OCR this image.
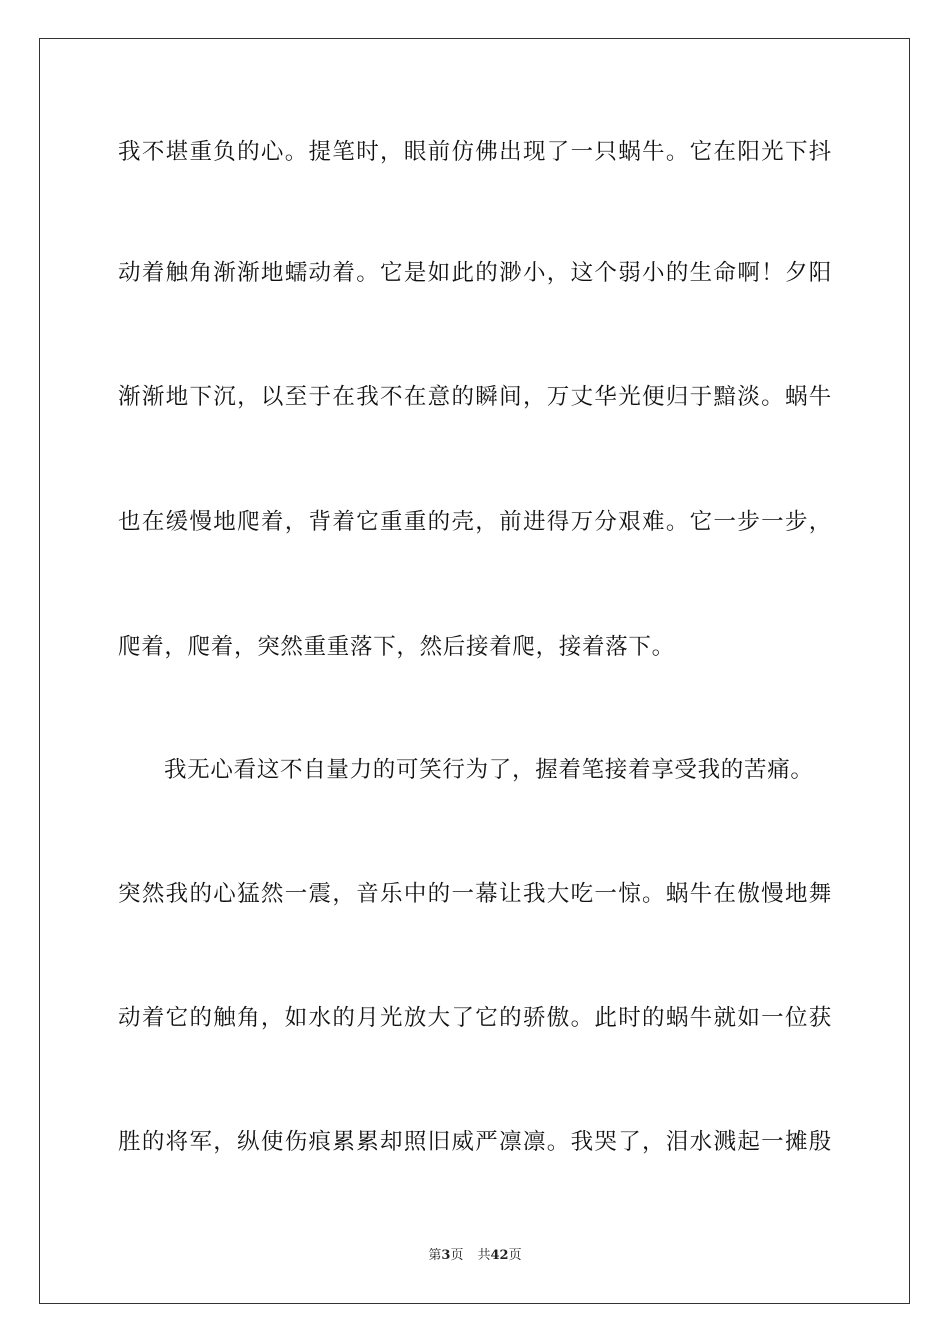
我不堪重负的心。提笔时，眼前仿佛出现了一只蜗牛。它在阳光下抖
动着触角渐渐地蠕动着。它是如此的渺小，这个弱小的生命啊！夕阳
渐渐地下沉，以至于在我不在意的瞬间，万丈华光便归于黯淡。蜗牛
也在缓慢地爬着，背着它重重的壳，前进得万分艰难。它一步一步，
爬着，爬着，突然重重落下，然后接着爬，接着落下。
我无心看这不自量力的可笑行为了，握着笔接着享受我的苦痛。
突然我的心猛然一震，音乐中的一幕让我大吃一惊。蜗牛在傲慢地舞
动着它的触角，如水的月光放大了它的骄傲。此时的蜗牛就如一位获
胜的将军，纵使伤痕累累却照旧威严凛凛。我哭了，泪水溅起一摊殷
第3页 共42页
